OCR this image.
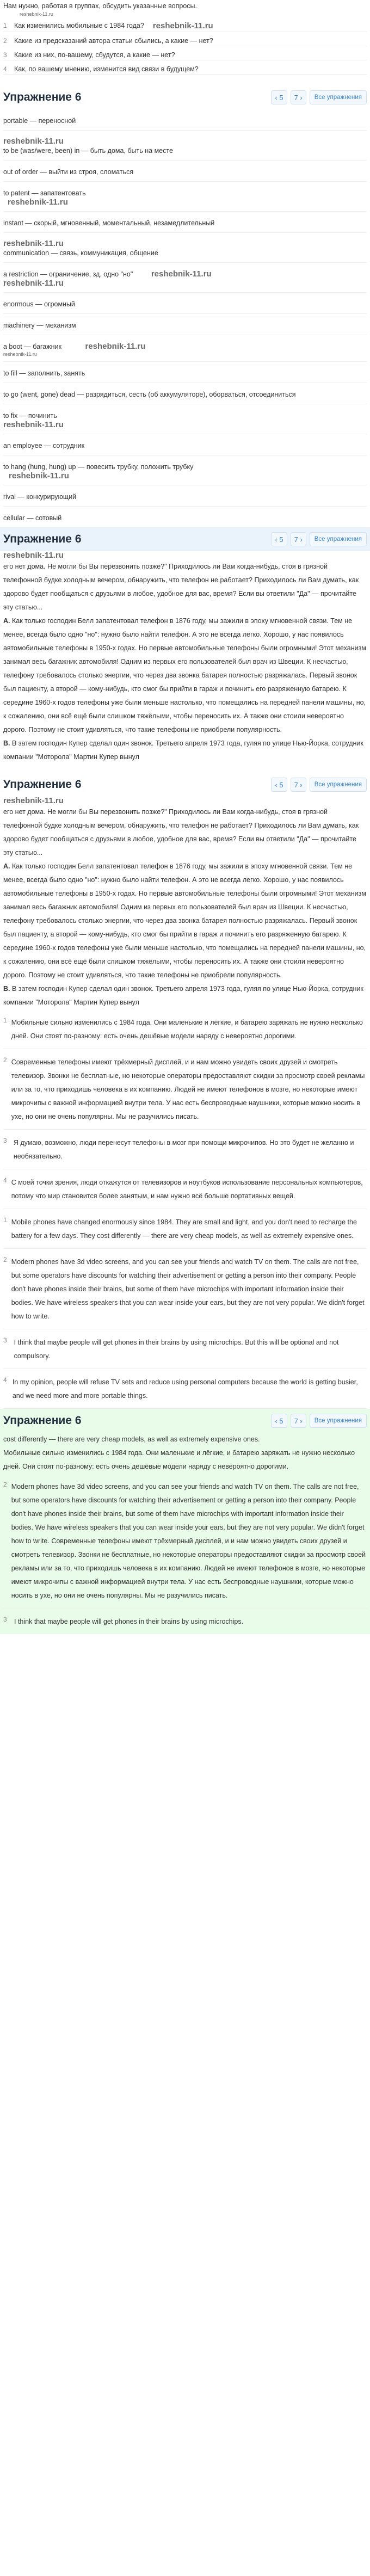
Нам нужно, работая в группах, обсудить указанные вопросы.
reshebnik-11.ru
1 Как изменились мобильные с 1984 года? reshebnik-11.ru
2 Какие из предсказаний автора статьи сбылись, а какие — нет?
3 Какие из них, по-вашему, сбудутся, а какие — нет?
4 Как, по вашему мнению, изменится вид связи в будущем?
Упражнение 6	‹ 5	7 ›	Все упражнения
portable — переносной
reshebnik-11.ru
to be (was/were, been) in — быть дома, быть на месте
out of order — выйти из строя, сломаться
to patent — запатентовать
reshebnik-11.ru
instant — скорый, мгновенный, моментальный, незамедлительный
reshebnik-11.ru
communication — связь, коммуникация, общение
a restriction — ограничение, зд. одно "но" reshebnik-11.ru
reshebnik-11.ru
enormous — огромный
machinery — механизм
a boot — багажник	reshebnik-11.ru
reshebnik-11.ru
to fill — заполнить, занять
to go (went, gone) dead — разрядиться, сесть (об аккумуляторе), оборваться, отсоединиться
to fix — починить
reshebnik-11.ru
an employee — сотрудник
to hang (hung, hung) up — повесить трубку, положить трубку
reshebnik-11.ru
rival — конкурирующий
cellular — сотовый
Упражнение 6	‹ 5	7 ›	Все упражнения
reshebnik-11.ru
его нет дома. Не могли бы Вы перезвонить позже?" Приходилось ли Вам когда-нибудь, стоя в грязной телефонной будке холодным вечером, обнаружить, что телефон не работает? Приходилось ли Вам думать, как здорово будет пообщаться с друзьями в любое, удобное для вас, время? Если вы ответили "Да" — прочитайте эту статью...
A. Как только господин Белл запатентовал телефон в 1876 году, мы зажили в эпоху мгновенной связи. Тем не менее, всегда было одно "но": нужно было найти телефон. А это не всегда легко. Хорошо, у нас появилось автомобильные телефоны в 1950-х годах. Но первые автомобильные телефоны были огромными! Этот механизм занимал весь багажник автомобиля! Одним из первых его пользователей был врач из Швеции. К несчастью, телефону требовалось столько энергии, что через два звонка батарея полностью разряжалась. Первый звонок был пациенту, а второй — кому-нибудь, кто смог бы прийти в гараж и починить его разряженную батарею. К середине 1960-х годов телефоны уже были меньше настолько, что помещались на передней панели машины, но, к сожалению, они всё ещё были слишком тяжёлыми, чтобы переносить их. А также они стоили невероятно дорого. Поэтому не стоит удивляться, что такие телефоны не приобрели популярность.
B. В затем господин Купер сделал один звонок. Третьего апреля 1973 года, гуляя по улице Нью-Йорка, сотрудник компании "Моторола" Мартин Купер вынул
Упражнение 6	‹ 5	7 ›	Все упражнения
reshebnik-11.ru
его нет дома. Не могли бы Вы перезвонить позже?" Приходилось ли Вам когда-нибудь, стоя в грязной телефонной будке холодным вечером, обнаружить, что телефон не работает? Приходилось ли Вам думать, как здорово будет пообщаться с друзьями в любое, удобное для вас, время? Если вы ответили "Да" — прочитайте эту статью...
A. Как только господин Белл запатентовал телефон в 1876 году, мы зажили в эпоху мгновенной связи. Тем не менее, всегда было одно "но": нужно было найти телефон. А это не всегда легко. Хорошо, у нас появилось автомобильные телефоны в 1950-х годах. Но первые автомобильные телефоны были огромными! Этот механизм занимал весь багажник автомобиля! Одним из первых его пользователей был врач из Швеции. К несчастью, телефону требовалось столько энергии, что через два звонка батарея полностью разряжалась. Первый звонок был пациенту, а второй — кому-нибудь, кто смог бы прийти в гараж и починить его разряженную батарею. К середине 1960-х годов телефоны уже были меньше настолько, что помещались на передней панели машины, но, к сожалению, они всё ещё были слишком тяжёлыми, чтобы переносить их. А также они стоили невероятно дорого. Поэтому не стоит удивляться, что такие телефоны не приобрели популярность.
B. В затем господин Купер сделал один звонок. Третьего апреля 1973 года, гуляя по улице Нью-Йорка, сотрудник компании "Моторола" Мартин Купер вынул
1 Мобильные сильно изменились с 1984 года. Они маленькие и лёгкие, и батарею заряжать не нужно несколько дней. Они стоят по-разному: есть очень дешёвые модели наряду с невероятно дорогими.
2 Современные телефоны имеют трёхмерный дисплей, и и нам можно увидеть своих друзей и смотреть телевизор. Звонки не бесплатные, но некоторые операторы предоставляют скидки за просмотр своей рекламы или за то, что приходишь человека в их компанию. Людей не имеют телефонов в мозге, но некоторые имеют микрочипы с важной информацией внутри тела. У нас есть беспроводные наушники, которые можно носить в ухе, но они не очень популярны. Мы не разучились писать.
3 Я думаю, возможно, люди перенесут телефоны в мозг при помощи микрочипов. Но это будет не желанно и необязательно.
4 С моей точки зрения, люди откажутся от телевизоров и ноутбуков использование персональных компьютеров, потому что мир становится более занятым, и нам нужно всё больше портативных вещей.
1 Mobile phones have changed enormously since 1984. They are small and light, and you don't need to recharge the battery for a few days. They cost differently — there are very cheap models, as well as extremely expensive ones.
2 Modern phones have 3d video screens, and you can see your friends and watch TV on them. The calls are not free, but some operators have discounts for watching their advertisement or getting a person into their company. People don't have phones inside their brains, but some of them have microchips with important information inside their bodies. We have wireless speakers that you can wear inside your ears, but they are not very popular. We didn't forget how to write.
3	I think that maybe people will get phones in their brains by using microchips. But this will be optional and not compulsory.
4 In my opinion, people will refuse TV sets and reduce using personal computers because the world is getting busier, and we need more and more portable things.
Упражнение 6	‹ 5	7 ›	Все упражнения
cost differently — there are very cheap models, as well as extremely expensive ones.
Мобильные сильно изменились с 1984 года. Они маленькие и лёгкие, и батарею заряжать не нужно несколько дней. Они стоят по-разному: есть очень дешёвые модели наряду с невероятно дорогими.
2 Modern phones have 3d video screens, and you can see your friends and watch TV on them. The calls are not free, but some operators have discounts for watching their advertisement or getting a person into their company. People don't have phones inside their brains, but some of them have microchips with important information inside their bodies. We have wireless speakers that you can wear inside your ears, but they are not very popular. We didn't forget how to write. Современные телефоны имеют трёхмерный дисплей, и и нам можно увидеть своих друзей и смотреть телевизор. Звонки не бесплатные, но некоторые операторы предоставляют скидки за просмотр своей рекламы или за то, что приходишь человека в их компанию. Людей не имеют телефонов в мозге, но некоторые имеют микрочипы с важной информацией внутри тела. У нас есть беспроводные наушники, которые можно носить в ухе, но они не очень популярны. Мы не разучились писать.
3	I think that maybe people will get phones in their brains by using microchips.
